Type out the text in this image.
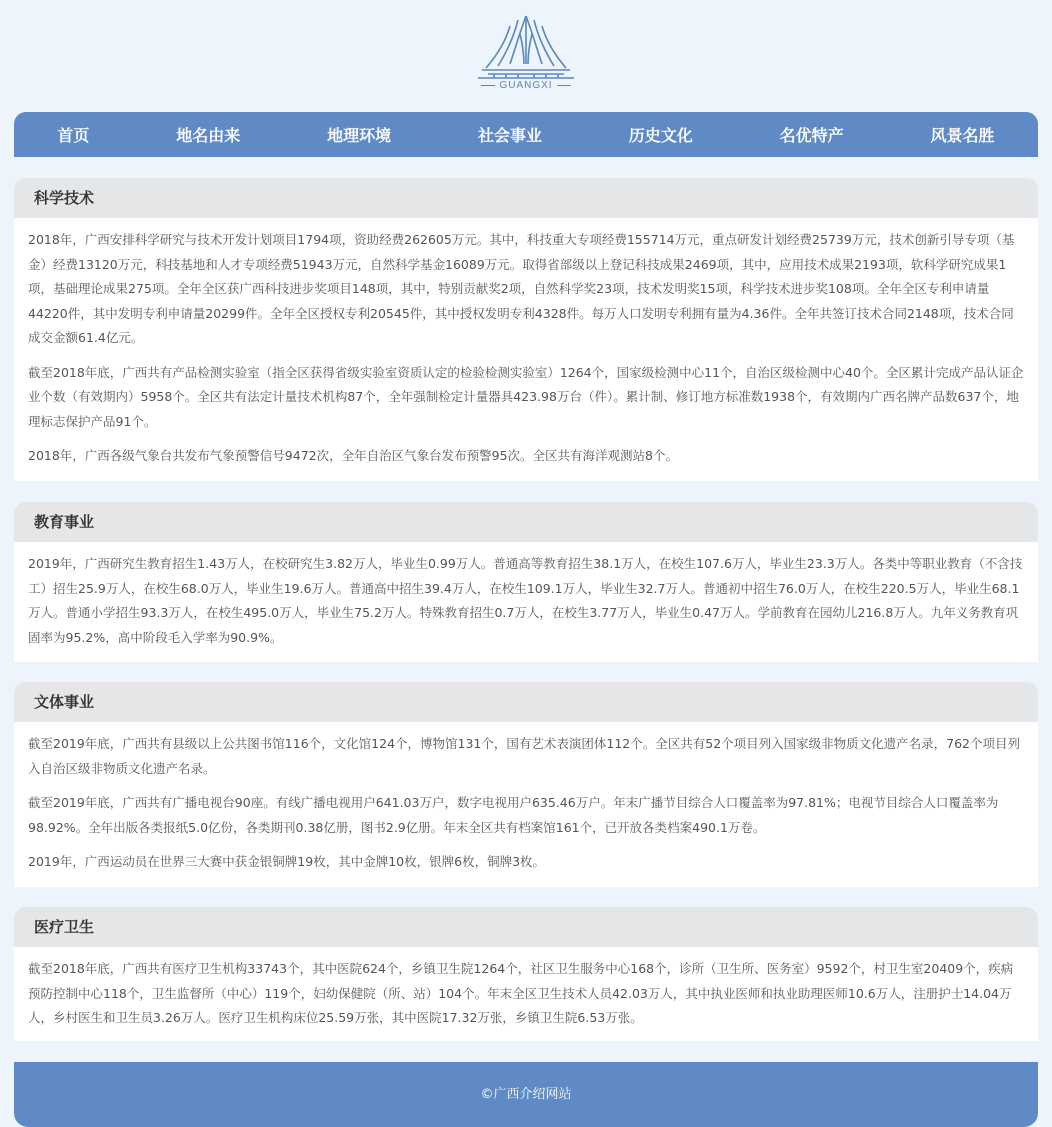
GUANGXI
首页	地名由来	地理环境	社会事业	历史文化	名优特产	风景名胜
科学技术

2018年，广西安排科学研究与技术开发计划项目1794项，资助经费262605万元。其中，科技重大专项经费155714万元，重点研发计划经费25739万元，技术创新引导专项（基金）经费13120万元，科技基地和人才专项经费51943万元，自然科学基金16089万元。取得省部级以上登记科技成果2469项，其中，应用技术成果2193项，软科学研究成果1项，基础理论成果275项。全年全区获广西科技进步奖项目148项，其中，特别贡献奖2项，自然科学奖23项，技术发明奖15项，科学技术进步奖108项。全年全区专利申请量44220件，其中发明专利申请量20299件。全年全区授权专利20545件，其中授权发明专利4328件。每万人口发明专利拥有量为4.36件。全年共签订技术合同2148项，技术合同成交金额61.4亿元。

截至2018年底，广西共有产品检测实验室（指全区获得省级实验室资质认定的检验检测实验室）1264个，国家级检测中心11个，自治区级检测中心40个。全区累计完成产品认证企业个数（有效期内）5958个。全区共有法定计量技术机构87个，全年强制检定计量器具423.98万台（件）。累计制、修订地方标准数1938个，有效期内广西名牌产品数637个，地理标志保护产品91个。

2018年，广西各级气象台共发布气象预警信号9472次，全年自治区气象台发布预警95次。全区共有海洋观测站8个。

教育事业

2019年，广西研究生教育招生1.43万人，在校研究生3.82万人，毕业生0.99万人。普通高等教育招生38.1万人，在校生107.6万人，毕业生23.3万人。各类中等职业教育（不含技工）招生25.9万人，在校生68.0万人，毕业生19.6万人。普通高中招生39.4万人，在校生109.1万人，毕业生32.7万人。普通初中招生76.0万人，在校生220.5万人，毕业生68.1万人。普通小学招生93.3万人，在校生495.0万人，毕业生75.2万人。特殊教育招生0.7万人，在校生3.77万人，毕业生0.47万人。学前教育在园幼儿216.8万人。九年义务教育巩固率为95.2%，高中阶段毛入学率为90.9%。

文体事业

截至2019年底，广西共有县级以上公共图书馆116个，文化馆124个，博物馆131个，国有艺术表演团体112个。全区共有52个项目列入国家级非物质文化遗产名录，762个项目列入自治区级非物质文化遗产名录。

截至2019年底，广西共有广播电视台90座。有线广播电视用户641.03万户，数字电视用户635.46万户。年末广播节目综合人口覆盖率为97.81%；电视节目综合人口覆盖率为98.92%。全年出版各类报纸5.0亿份，各类期刊0.38亿册，图书2.9亿册。年末全区共有档案馆161个，已开放各类档案490.1万卷。

2019年，广西运动员在世界三大赛中获金银铜牌19枚，其中金牌10枚，银牌6枚，铜牌3枚。

医疗卫生

截至2018年底，广西共有医疗卫生机构33743个，其中医院624个，乡镇卫生院1264个，社区卫生服务中心168个，诊所（卫生所、医务室）9592个，村卫生室20409个，疾病预防控制中心118个，卫生监督所（中心）119个，妇幼保健院（所、站）104个。年末全区卫生技术人员42.03万人，其中执业医师和执业助理医师10.6万人，注册护士14.04万人，乡村医生和卫生员3.26万人。医疗卫生机构床位25.59万张，其中医院17.32万张，乡镇卫生院6.53万张。

©广西介绍网站
